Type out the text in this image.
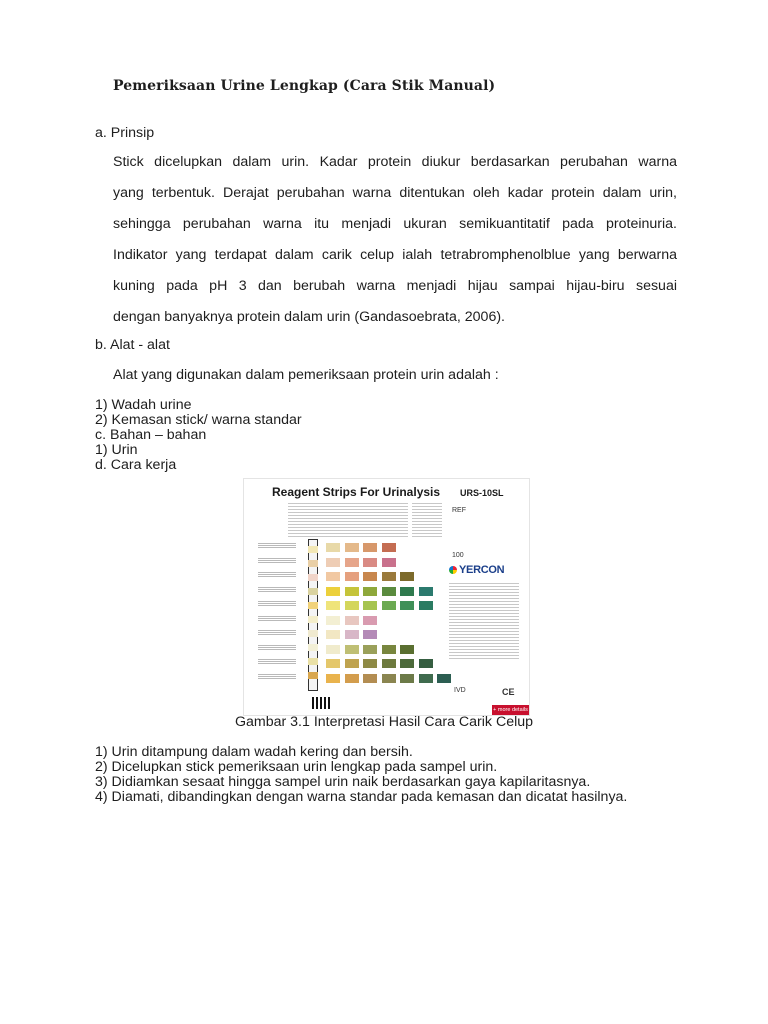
Pemeriksaan Urine Lengkap (Cara Stik Manual)
a. Prinsip
Stick dicelupkan dalam urin. Kadar protein diukur berdasarkan perubahan warna
yang terbentuk. Derajat perubahan warna ditentukan oleh kadar protein dalam urin,
sehingga perubahan warna itu menjadi ukuran semikuantitatif pada proteinuria.
Indikator yang terdapat dalam carik celup ialah tetrabromphenolblue yang berwarna
kuning pada pH 3 dan berubah warna menjadi hijau sampai hijau-biru sesuai
dengan banyaknya protein dalam urin (Gandasoebrata, 2006).
b. Alat - alat
Alat yang digunakan dalam pemeriksaan protein urin adalah :
1) Wadah urine
2) Kemasan stick/ warna standar
c. Bahan – bahan
1) Urin
d. Cara kerja
Reagent Strips For Urinalysis URS-10SL
REF
100
YERCON
IVD	CE
+ more details
Gambar 3.1 Interpretasi Hasil Cara Carik Celup
1) Urin ditampung dalam wadah kering dan bersih.
2) Dicelupkan stick pemeriksaan urin lengkap pada sampel urin.
3) Didiamkan sesaat hingga sampel urin naik berdasarkan gaya kapilaritasnya.
4) Diamati, dibandingkan dengan warna standar pada kemasan dan dicatat hasilnya.
